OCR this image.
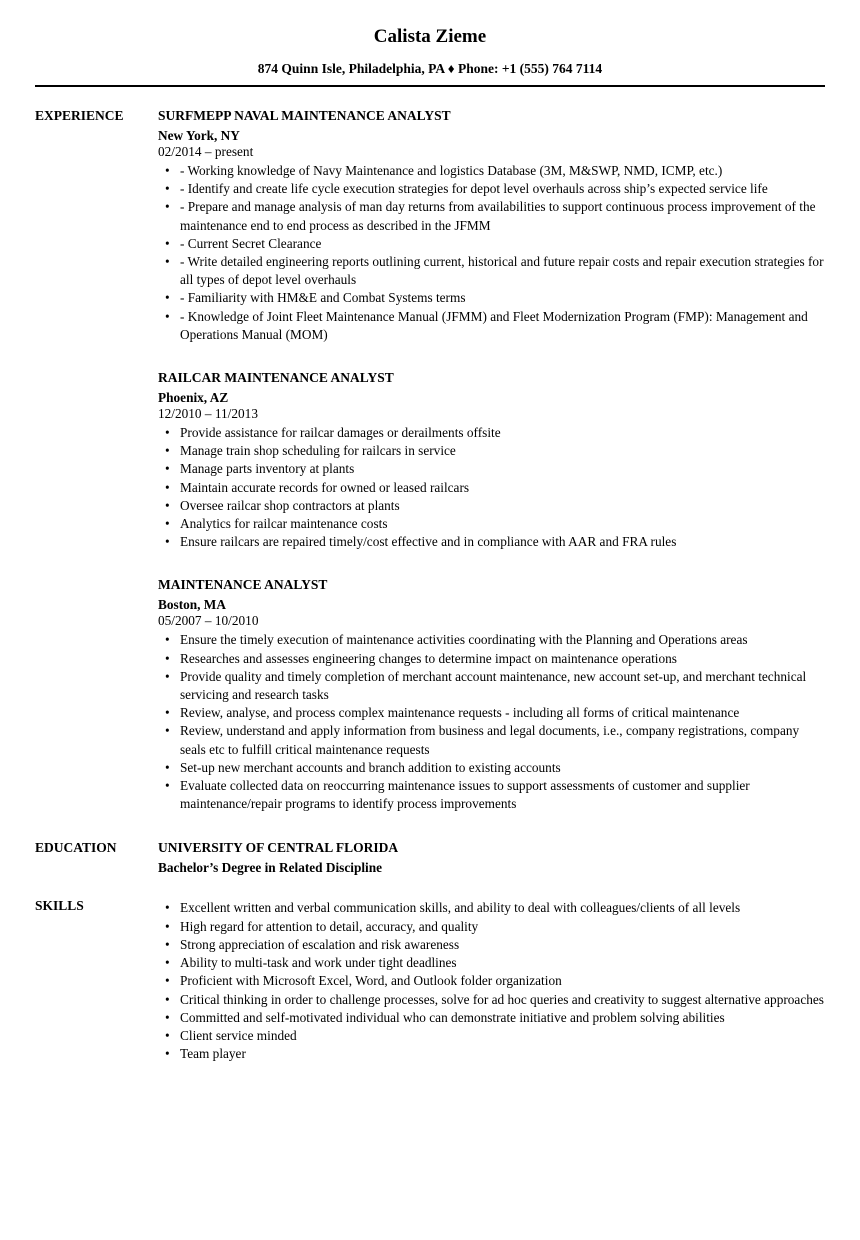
Calista Zieme
874 Quinn Isle, Philadelphia, PA ♦ Phone: +1 (555) 764 7114
EXPERIENCE	SURFMEPP NAVAL MAINTENANCE ANALYST
New York, NY
02/2014 – present
• - Working knowledge of Navy Maintenance and logistics Database (3M, M&SWP, NMD, ICMP, etc.)
• - Identify and create life cycle execution strategies for depot level overhauls across ship’s expected service life
• - Prepare and manage analysis of man day returns from availabilities to support continuous process improvement of the maintenance end to end process as described in the JFMM
• - Current Secret Clearance
• - Write detailed engineering reports outlining current, historical and future repair costs and repair execution strategies for all types of depot level overhauls
• - Familiarity with HM&E and Combat Systems terms
• - Knowledge of Joint Fleet Maintenance Manual (JFMM) and Fleet Modernization Program (FMP): Management and Operations Manual (MOM)
RAILCAR MAINTENANCE ANALYST
Phoenix, AZ
12/2010 – 11/2013
• Provide assistance for railcar damages or derailments offsite
• Manage train shop scheduling for railcars in service
• Manage parts inventory at plants
• Maintain accurate records for owned or leased railcars
• Oversee railcar shop contractors at plants
• Analytics for railcar maintenance costs
• Ensure railcars are repaired timely/cost effective and in compliance with AAR and FRA rules
MAINTENANCE ANALYST
Boston, MA
05/2007 – 10/2010
• Ensure the timely execution of maintenance activities coordinating with the Planning and Operations areas
• Researches and assesses engineering changes to determine impact on maintenance operations
• Provide quality and timely completion of merchant account maintenance, new account set-up, and merchant technical servicing and research tasks
• Review, analyse, and process complex maintenance requests - including all forms of critical maintenance
• Review, understand and apply information from business and legal documents, i.e., company registrations, company seals etc to fulfill critical maintenance requests
• Set-up new merchant accounts and branch addition to existing accounts
• Evaluate collected data on reoccurring maintenance issues to support assessments of customer and supplier maintenance/repair programs to identify process improvements
EDUCATION	UNIVERSITY OF CENTRAL FLORIDA
Bachelor’s Degree in Related Discipline
SKILLS	• Excellent written and verbal communication skills, and ability to deal with colleagues/clients of all levels
• High regard for attention to detail, accuracy, and quality
• Strong appreciation of escalation and risk awareness
• Ability to multi-task and work under tight deadlines
• Proficient with Microsoft Excel, Word, and Outlook folder organization
• Critical thinking in order to challenge processes, solve for ad hoc queries and creativity to suggest alternative approaches
• Committed and self-motivated individual who can demonstrate initiative and problem solving abilities
• Client service minded
• Team player
